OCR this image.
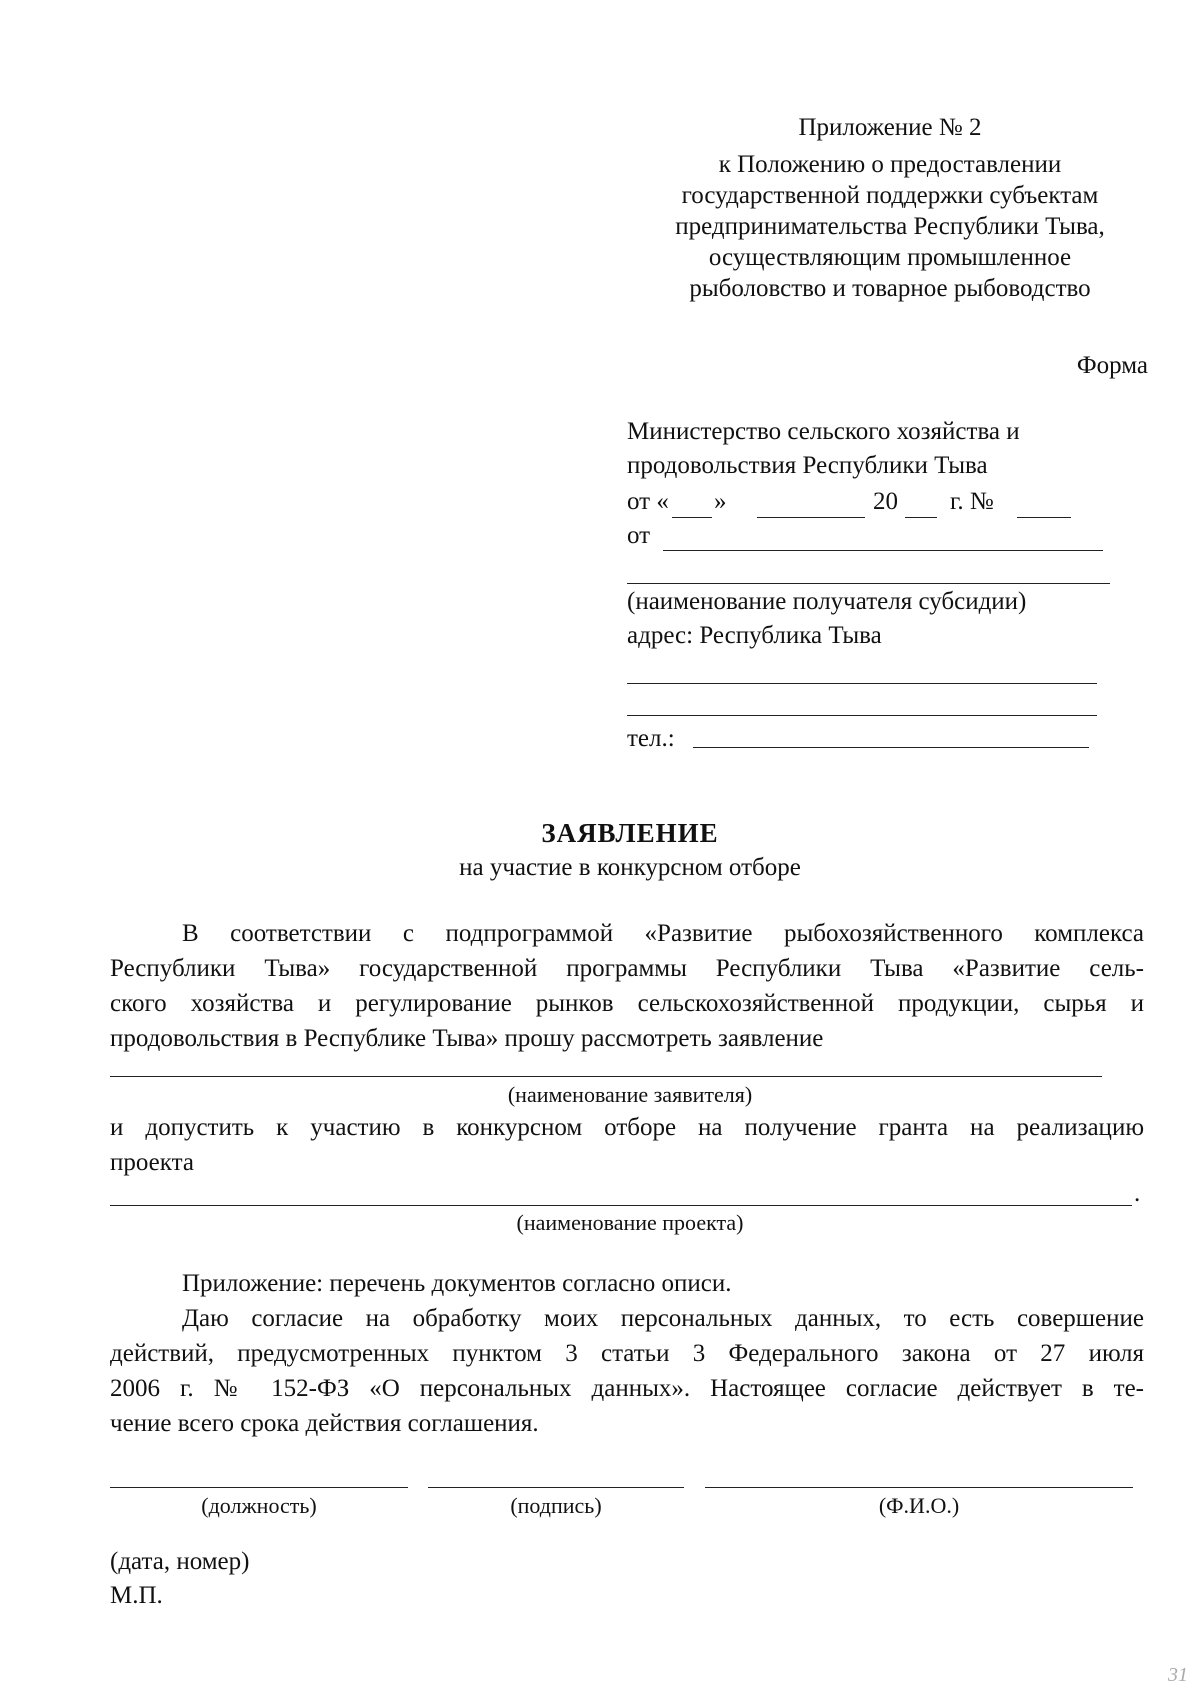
Приложение № 2
к Положению о предоставлении
государственной поддержки субъектам
предпринимательства Республики Тыва,
осуществляющим промышленное
рыболовство и товарное рыбоводство
Форма
Министерство сельского хозяйства и
продовольствия Республики Тыва
от « »	20 г. №
от
(наименование получателя субсидии)
адрес: Республика Тыва
тел.:
ЗАЯВЛЕНИЕ
на участие в конкурсном отборе
В соответствии с подпрограммой «Развитие рыбохозяйственного комплекса
Республики Тыва» государственной программы Республики Тыва «Развитие сель-
ского хозяйства и регулирование рынков сельскохозяйственной продукции, сырья и
продовольствия в Республике Тыва» прошу рассмотреть заявление
(наименование заявителя)
и допустить к участию в конкурсном отборе на получение гранта на реализацию
проекта
.
(наименование проекта)
Приложение: перечень документов согласно описи.
Даю согласие на обработку моих персональных данных, то есть совершение
действий, предусмотренных пунктом 3 статьи 3 Федерального закона от 27 июля
2006 г. № 152-ФЗ «О персональных данных». Настоящее согласие действует в те-
чение всего срока действия соглашения.
(должность)	(подпись)	(Ф.И.О.)
(дата, номер)
М.П.
31
